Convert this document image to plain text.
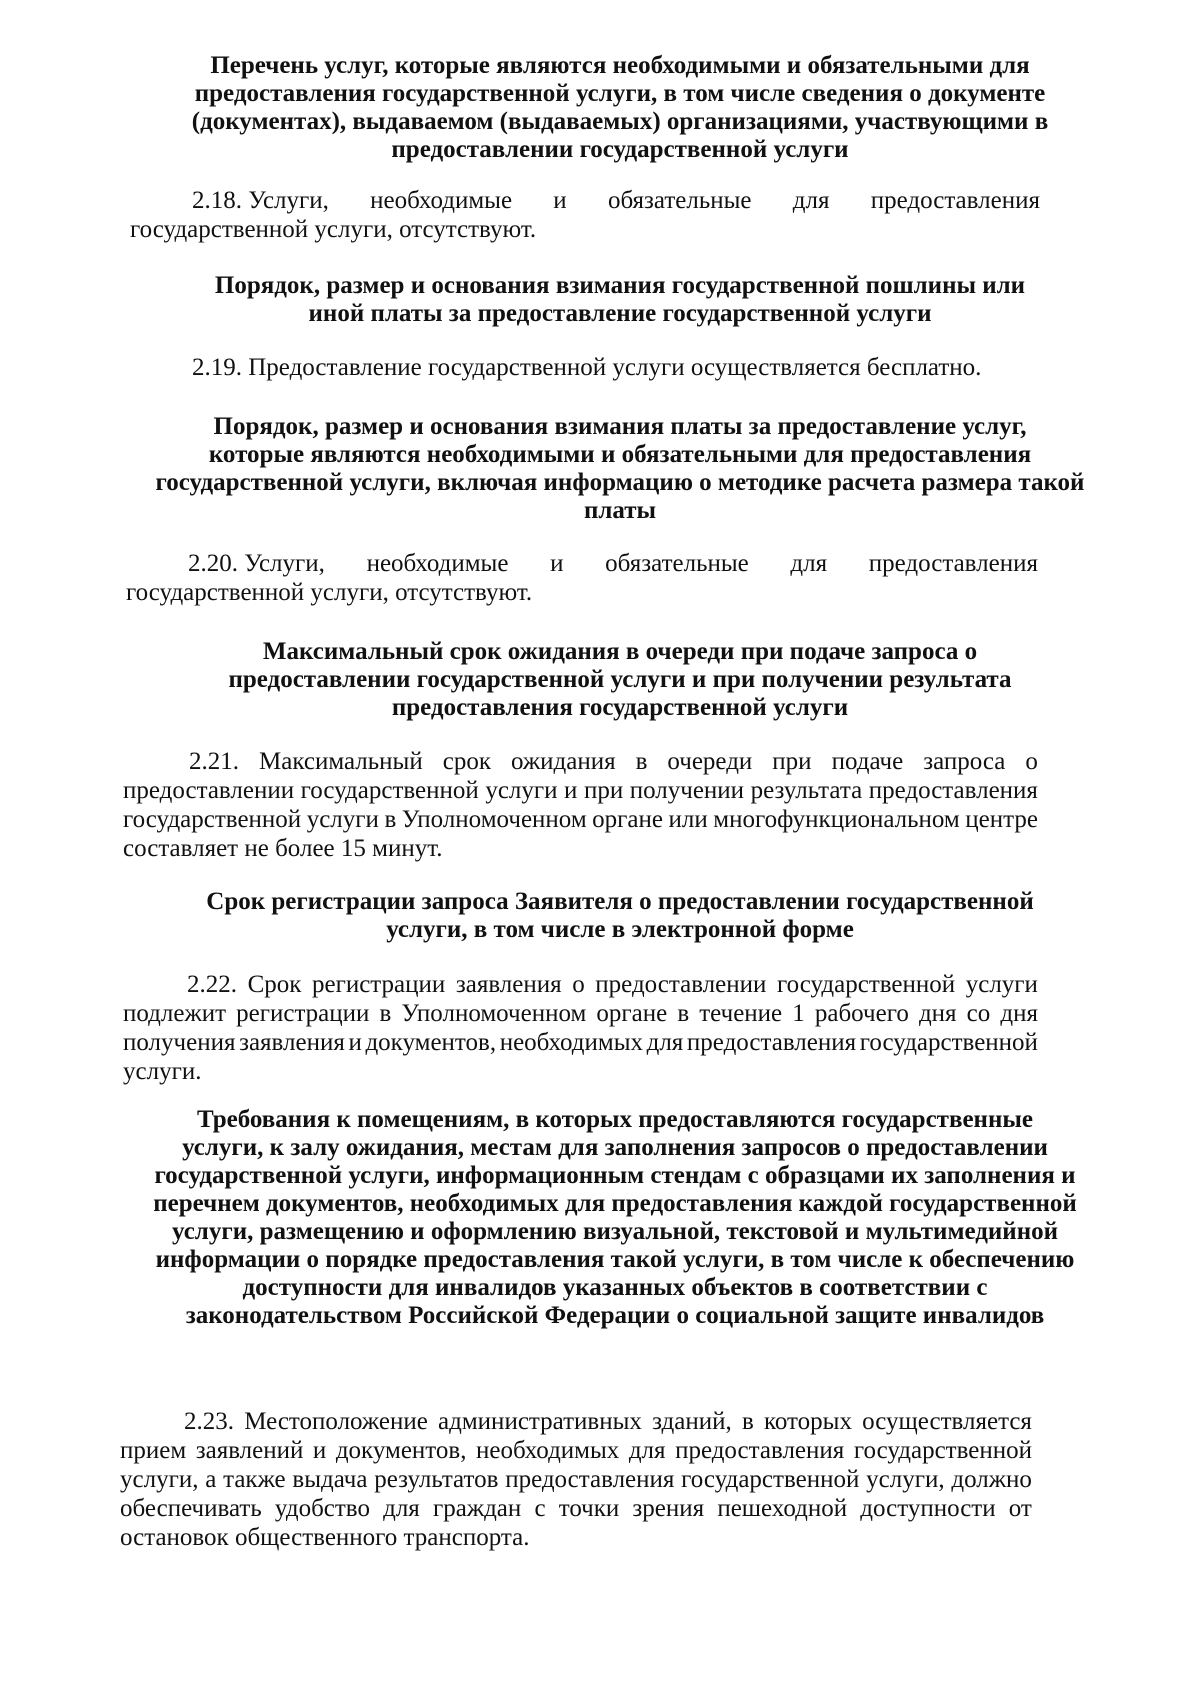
Перечень услуг, которые являются необходимыми и обязательными для
предоставления государственной услуги, в том числе сведения о документе
(документах), выдаваемом (выдаваемых) организациями, участвующими в
предоставлении государственной услуги
2.18. Услуги, необходимые и обязательные для предоставления
государственной услуги, отсутствуют.
Порядок, размер и основания взимания государственной пошлины или
иной платы за предоставление государственной услуги
2.19. Предоставление государственной услуги осуществляется бесплатно.
Порядок, размер и основания взимания платы за предоставление услуг,
которые являются необходимыми и обязательными для предоставления
государственной услуги, включая информацию о методике расчета размера такой
платы
2.20. Услуги, необходимые и обязательные для предоставления
государственной услуги, отсутствуют.
Максимальный срок ожидания в очереди при подаче запроса о
предоставлении государственной услуги и при получении результата
предоставления государственной услуги
2.21. Максимальный срок ожидания в очереди при подаче запроса о
предоставлении государственной услуги и при получении результата предоставления
государственной услуги в Уполномоченном органе или многофункциональном центре
составляет не более 15 минут.
Срок регистрации запроса Заявителя о предоставлении государственной
услуги, в том числе в электронной форме
2.22. Срок регистрации заявления о предоставлении государственной услуги
подлежит регистрации в Уполномоченном органе в течение 1 рабочего дня со дня
получения заявления и документов, необходимых для предоставления государственной
услуги.
Требования к помещениям, в которых предоставляются государственные
услуги, к залу ожидания, местам для заполнения запросов о предоставлении
государственной услуги, информационным стендам с образцами их заполнения и
перечнем документов, необходимых для предоставления каждой государственной
услуги, размещению и оформлению визуальной, текстовой и мультимедийной
информации о порядке предоставления такой услуги, в том числе к обеспечению
доступности для инвалидов указанных объектов в соответствии с
законодательством Российской Федерации о социальной защите инвалидов
2.23. Местоположение административных зданий, в которых осуществляется
прием заявлений и документов, необходимых для предоставления государственной
услуги, а также выдача результатов предоставления государственной услуги, должно
обеспечивать удобство для граждан с точки зрения пешеходной доступности от
остановок общественного транспорта.
